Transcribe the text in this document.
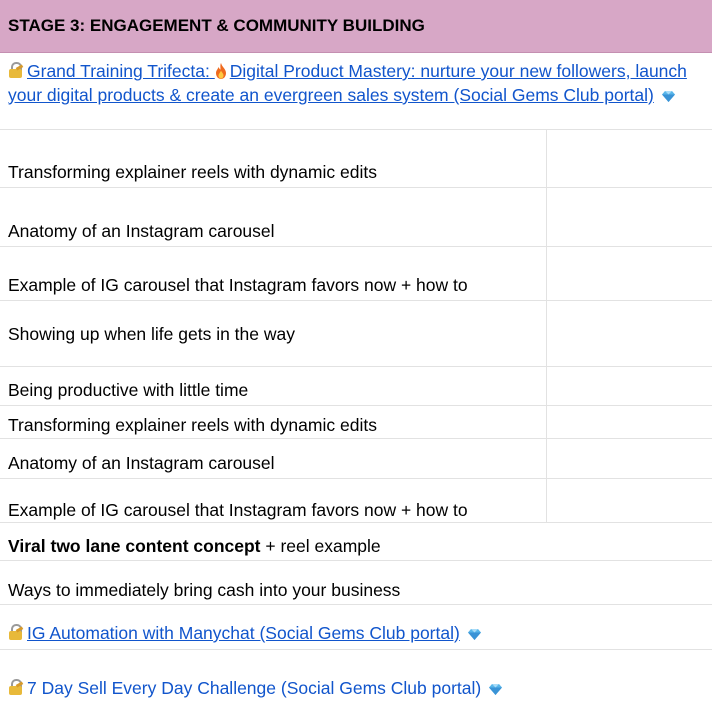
STAGE 3: ENGAGEMENT & COMMUNITY BUILDING
Grand Training Trifecta: Digital Product Mastery: nurture your new followers, launch your digital products & create an evergreen sales system (Social Gems Club portal)
Transforming explainer reels with dynamic edits
Anatomy of an Instagram carousel
Example of IG carousel that Instagram favors now + how to
Showing up when life gets in the way
Being productive with little time
Transforming explainer reels with dynamic edits
Anatomy of an Instagram carousel
Example of IG carousel that Instagram favors now + how to
Viral two lane content concept + reel example
Ways to immediately bring cash into your business
IG Automation with Manychat (Social Gems Club portal)
7 Day Sell Every Day Challenge (Social Gems Club portal)
